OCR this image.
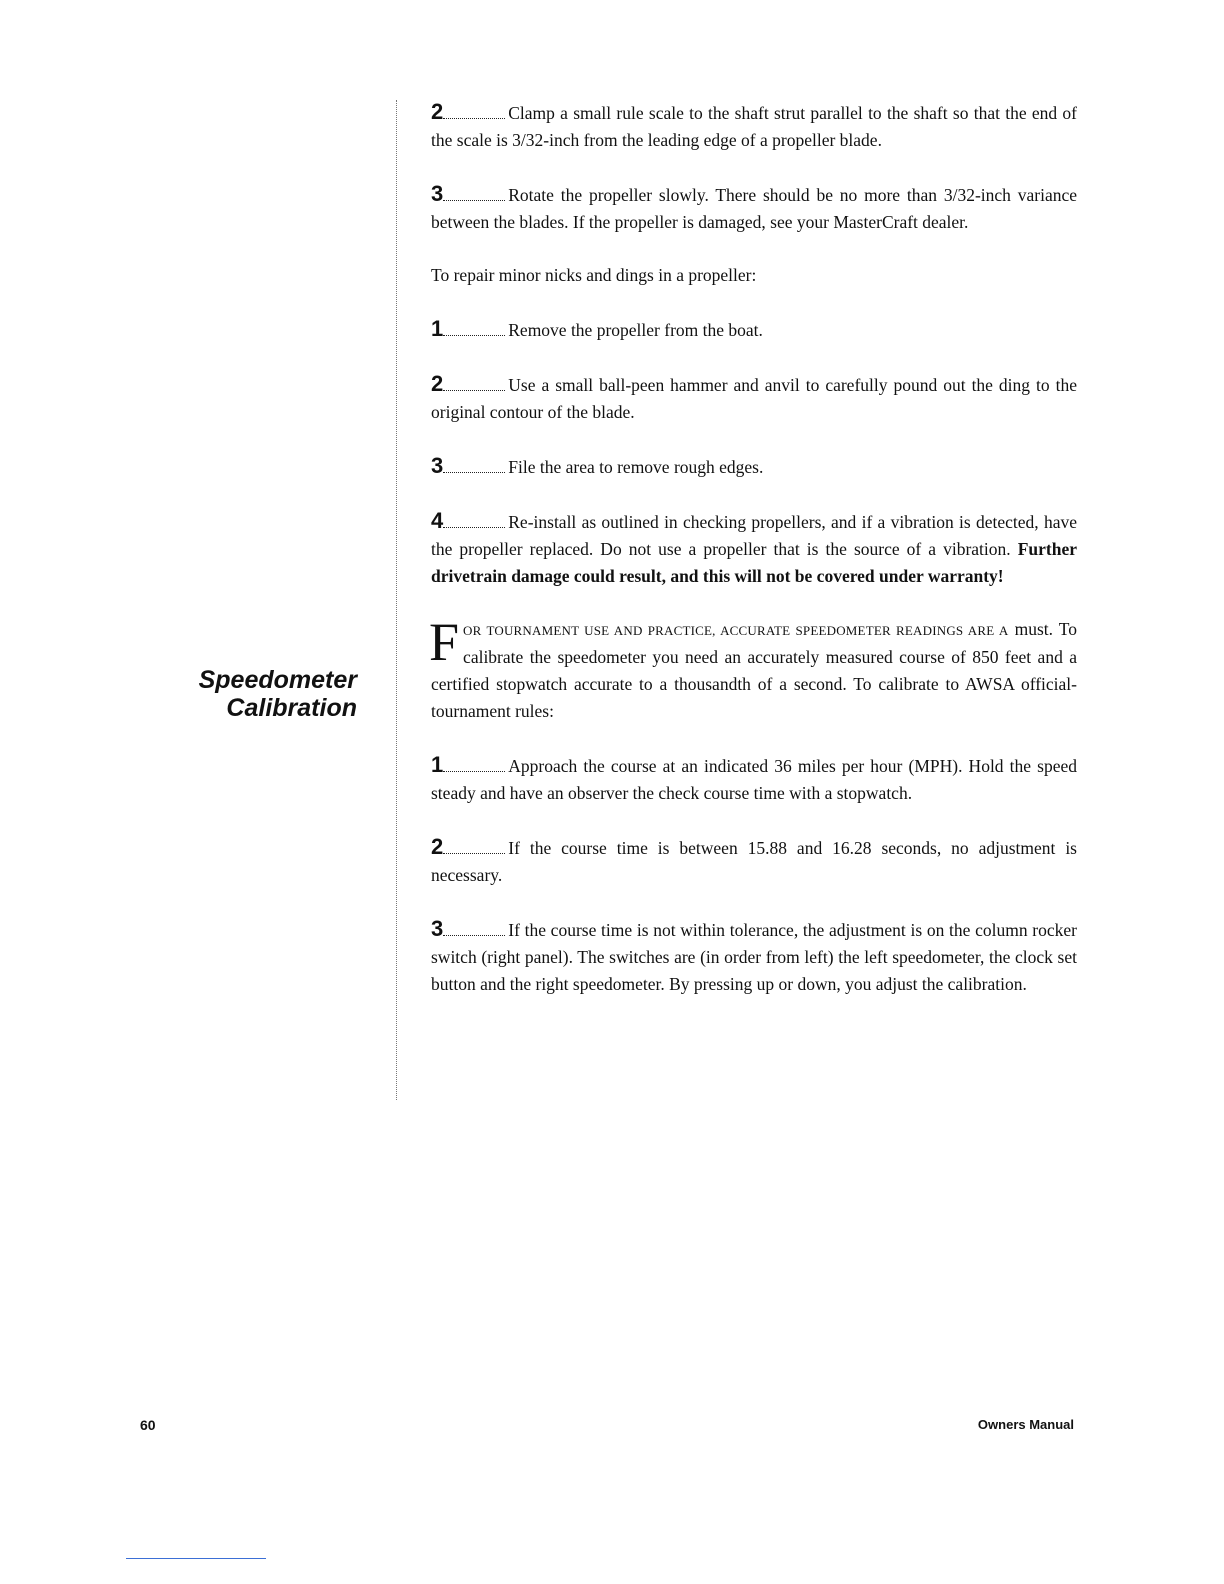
Speedometer
Calibration

2	Clamp a small rule scale to the shaft strut parallel to the shaft so that the end of the scale is 3/32-inch from the leading edge of a propeller blade.

3	Rotate the propeller slowly. There should be no more than 3/32-inch variance between the blades. If the propeller is damaged, see your MasterCraft dealer.

To repair minor nicks and dings in a propeller:

1	Remove the propeller from the boat.

2	Use a small ball-peen hammer and anvil to carefully pound out the ding to the original contour of the blade.

3	File the area to remove rough edges.

4	Re-install as outlined in checking propellers, and if a vibration is detected, have the propeller replaced. Do not use a propeller that is the source of a vibration. Further drivetrain damage could result, and this will not be covered under warranty!

FOR TOURNAMENT USE AND PRACTICE, ACCURATE SPEEDOMETER READINGS ARE A must. To calibrate the speedometer you need an accurately measured course of 850 feet and a certified stopwatch accurate to a thousandth of a second. To calibrate to AWSA official-tournament rules:

1	Approach the course at an indicated 36 miles per hour (MPH). Hold the speed steady and have an observer the check course time with a stopwatch.

2	If the course time is between 15.88 and 16.28 seconds, no adjustment is necessary.

3	If the course time is not within tolerance, the adjustment is on the column rocker switch (right panel). The switches are (in order from left) the left speedometer, the clock set button and the right speedometer. By pressing up or down, you adjust the calibration.

60	Owners Manual
